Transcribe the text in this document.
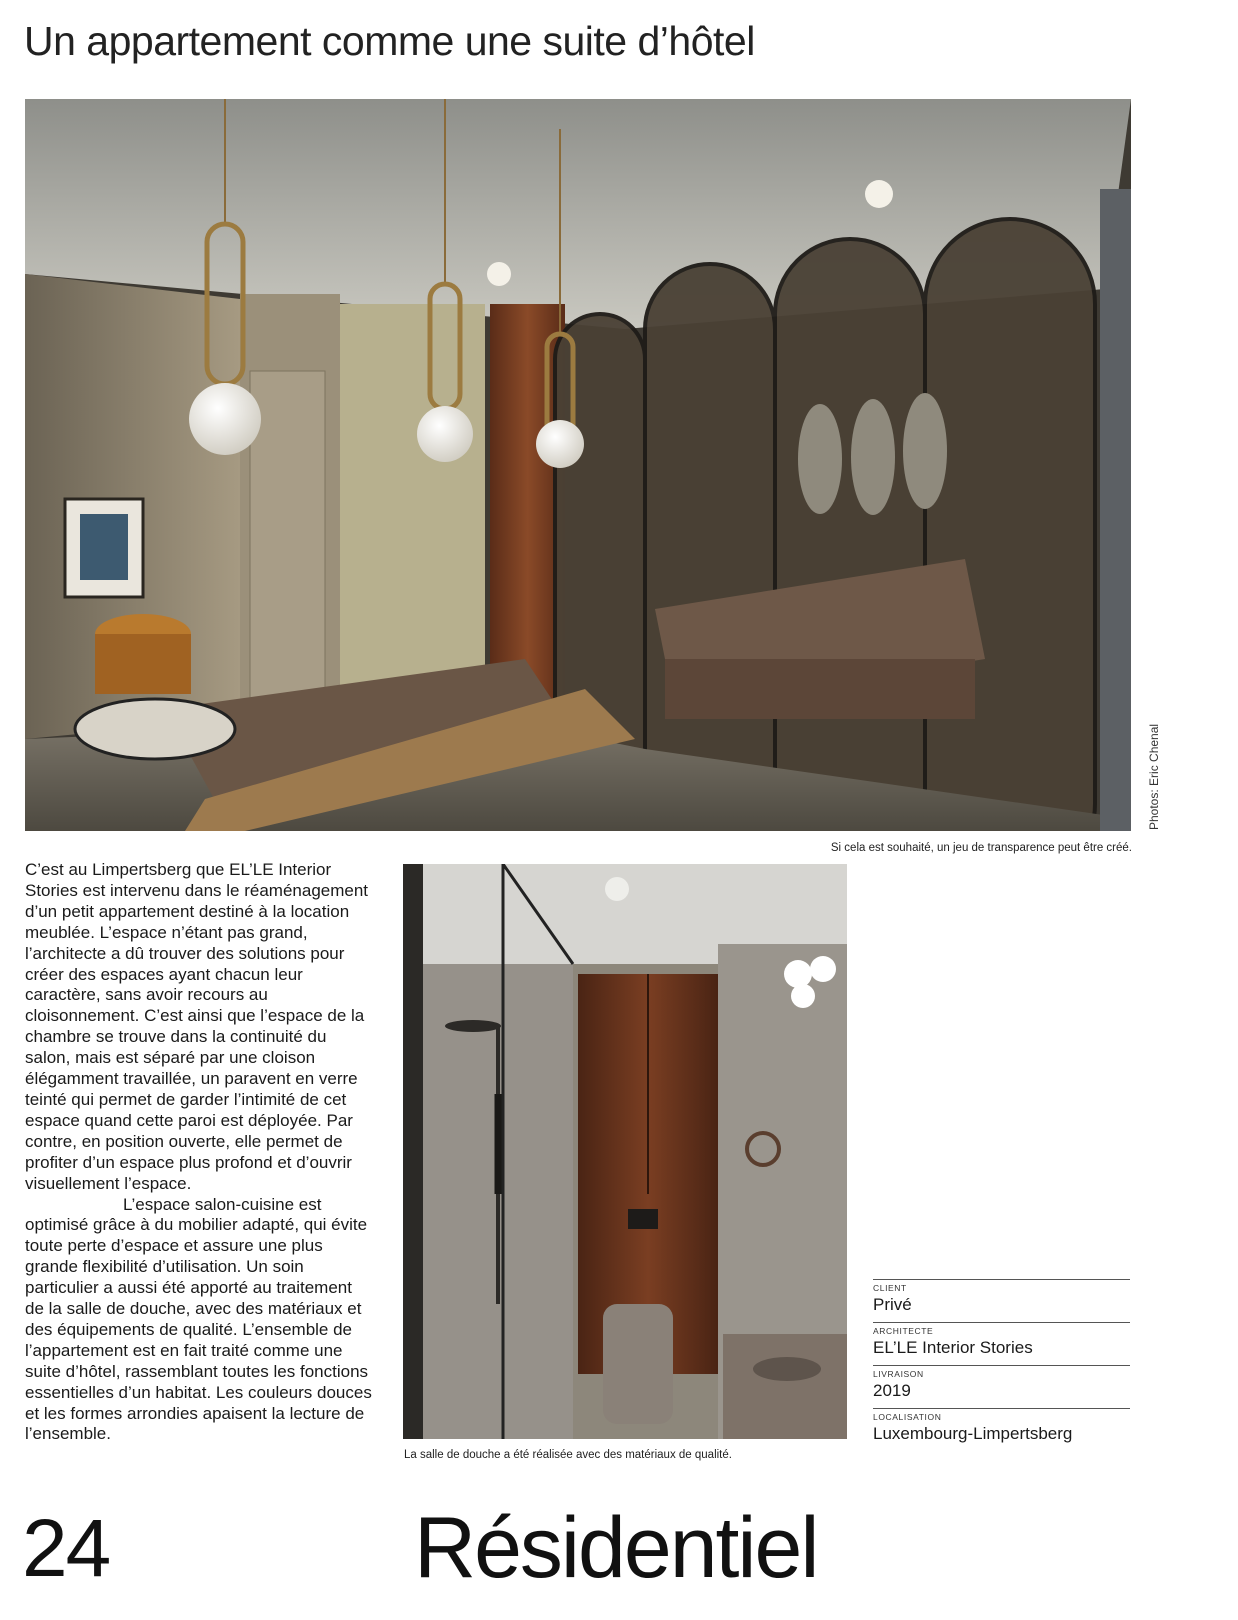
Un appartement comme une suite d’hôtel
Photos: Eric Chenal
Si cela est souhaité, un jeu de transparence peut être créé.

C’est au Limpertsberg que EL’LE Interior Stories est intervenu dans le réaménagement d’un petit appartement destiné à la location meublée. L’espace n’étant pas grand, l’architecte a dû trouver des solutions pour créer des espaces ayant chacun leur caractère, sans avoir recours au cloisonnement. C’est ainsi que l’espace de la chambre se trouve dans la continuité du salon, mais est séparé par une cloison élégamment travaillée, un paravent en verre teinté qui permet de garder l’intimité de cet espace quand cette paroi est déployée. Par contre, en position ouverte, elle permet de profiter d’un espace plus profond et d’ouvrir visuellement l’espace.

L’espace salon-cuisine est optimisé grâce à du mobilier adapté, qui évite toute perte d’espace et assure une plus grande flexibilité d’utilisation. Un soin particulier a aussi été apporté au traitement de la salle de douche, avec des matériaux et des équipements de qualité. L’ensemble de l’appartement est en fait traité comme une suite d’hôtel, rassemblant toutes les fonctions essentielles d’un habitat. Les couleurs douces et les formes arrondies apaisent la lecture de l’ensemble.

La salle de douche a été réalisée avec des matériaux de qualité.
CLIENT
Privé
ARCHITECTE
EL’LE Interior Stories
LIVRAISON
2019
LOCALISATION
Luxembourg-Limpertsberg
24	Résidentiel
